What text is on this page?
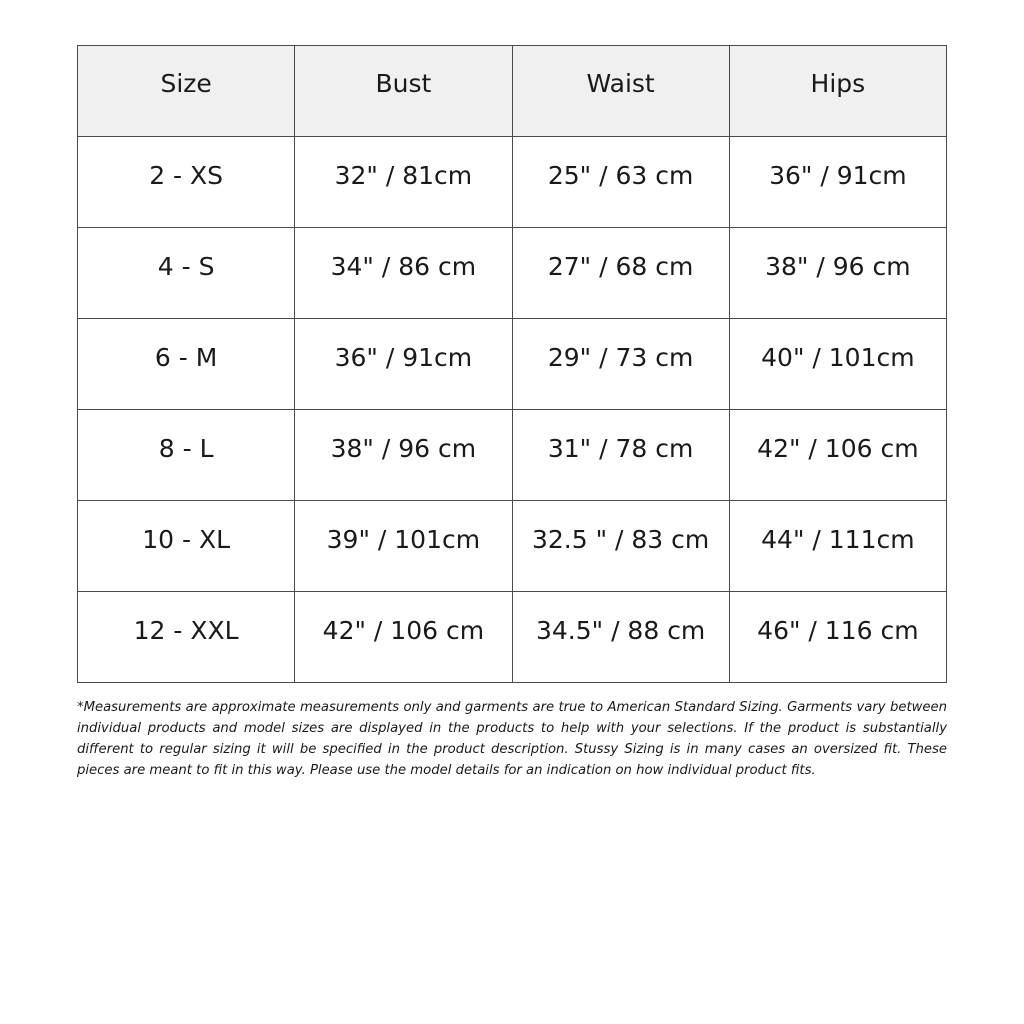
Size	Bust	Waist	Hips
2 - XS	32" / 81cm	25" / 63 cm	36" / 91cm
4 - S	34" / 86 cm	27" / 68 cm	38" / 96 cm
6 - M	36" / 91cm	29" / 73 cm	40" / 101cm
8 - L	38" / 96 cm	31" / 78 cm	42" / 106 cm
10 - XL	39" / 101cm	32.5 " / 83 cm	44" / 111cm
12 - XXL	42" / 106 cm	34.5" / 88 cm	46" / 116 cm

*Measurements are approximate measurements only and garments are true to American Standard Sizing. Garments vary between individual products and model sizes are displayed in the products to help with your selections. If the product is substantially different to regular sizing it will be specified in the product description. Stussy Sizing is in many cases an oversized fit. These pieces are meant to fit in this way. Please use the model details for an indication on how individual product fits.
